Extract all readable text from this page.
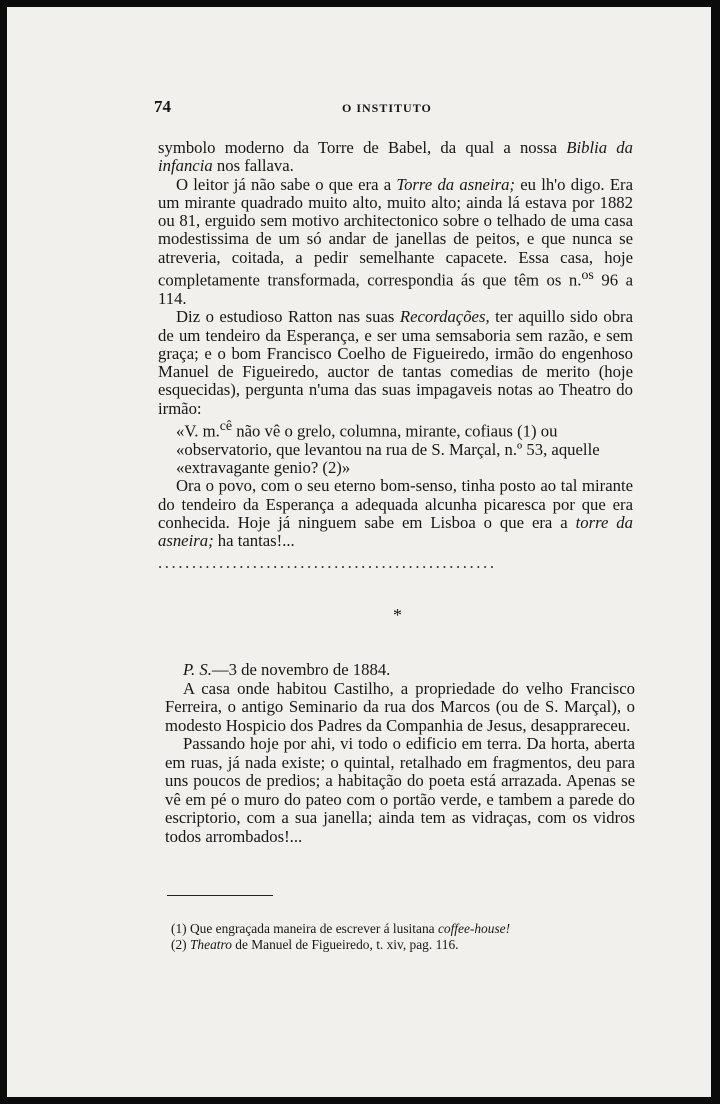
74	O INSTITUTO

symbolo moderno da Torre de Babel, da qual a nossa Biblia da infancia nos fallava.

O leitor já não sabe o que era a Torre da asneira; eu lh'o digo. Era um mirante quadrado muito alto, muito alto; ainda lá estava por 1882 ou 81, erguido sem motivo architectonico sobre o telhado de uma casa modestissima de um só andar de janellas de peitos, e que nunca se atreveria, coitada, a pedir semelhante capacete. Essa casa, hoje completamente transformada, correspondia ás que têm os n.$^{os}$ 96 a 114.

Diz o estudioso Ratton nas suas Recordações, ter aquillo sido obra de um tendeiro da Esperança, e ser uma semsaboria sem razão, e sem graça; e o bom Francisco Coelho de Figueiredo, irmão do engenhoso Manuel de Figueiredo, auctor de tantas comedias de merito (hoje esquecidas), pergunta n'uma das suas impagaveis notas ao Theatro do irmão:

«V. m.$^{cê}$ não vê o grelo, columna, mirante, cofiaus (1) ou

«observatorio, que levantou na rua de S. Marçal, n.º 53, aquelle

«extravagante genio? (2)»

Ora o povo, com o seu eterno bom-senso, tinha posto ao tal mirante do tendeiro da Esperança a adequada alcunha picaresca por que era conhecida. Hoje já ninguem sabe em Lisboa o que era a torre da asneira; ha tantas!...

..................................................

*

P. S.—3 de novembro de 1884.

A casa onde habitou Castilho, a propriedade do velho Francisco Ferreira, o antigo Seminario da rua dos Marcos (ou de S. Marçal), o modesto Hospicio dos Padres da Companhia de Jesus, desapprareceu.

Passando hoje por ahi, vi todo o edificio em terra. Da horta, aberta em ruas, já nada existe; o quintal, retalhado em fragmentos, deu para uns poucos de predios; a habitação do poeta está arrazada. Apenas se vê em pé o muro do pateo com o portão verde, e tambem a parede do escriptorio, com a sua janella; ainda tem as vidraças, com os vidros todos arrombados!...

(1) Que engraçada maneira de escrever á lusitana coffee-house!
(2) Theatro de Manuel de Figueiredo, t. xiv, pag. 116.
